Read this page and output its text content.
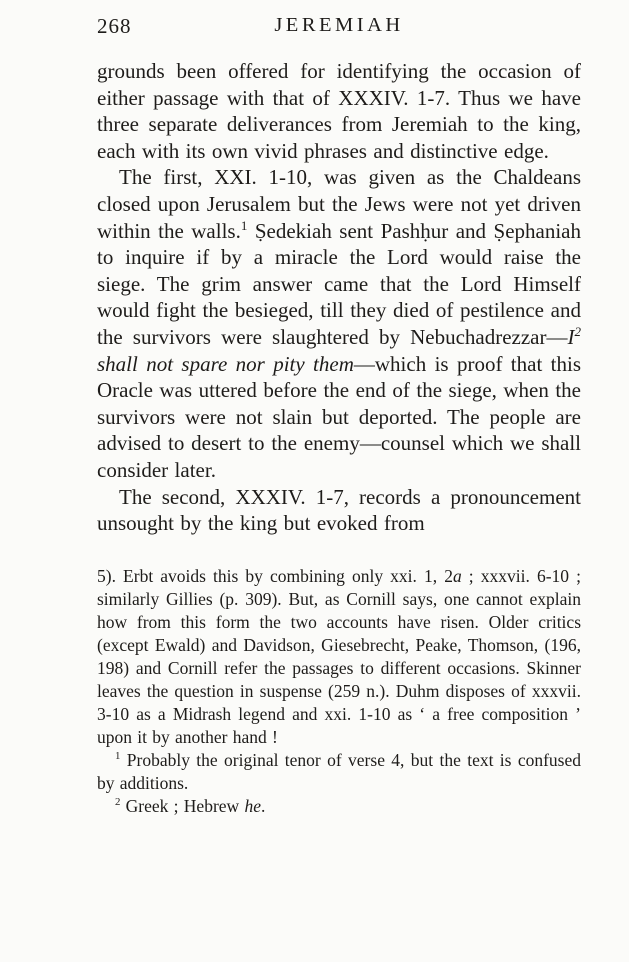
268	JEREMIAH

grounds been offered for identifying the occasion of either passage with that of XXXIV. 1-7. Thus we have three separate deliverances from Jeremiah to the king, each with its own vivid phrases and distinctive edge.

The first, XXI. 1-10, was given as the Chaldeans closed upon Jerusalem but the Jews were not yet driven within the walls.$^1$ Ṣedekiah sent Pashḥur and Ṣephaniah to inquire if by a miracle the Lord would raise the siege. The grim answer came that the Lord Himself would fight the besieged, till they died of pestilence and the survivors were slaughtered by Nebuchadrezzar—I$^2$ shall not spare nor pity them—which is proof that this Oracle was uttered before the end of the siege, when the survivors were not slain but deported. The people are advised to desert to the enemy—counsel which we shall consider later.

The second, XXXIV. 1-7, records a pronouncement unsought by the king but evoked from

5). Erbt avoids this by combining only xxi. 1, 2a ; xxxvii. 6-10 ; similarly Gillies (p. 309). But, as Cornill says, one cannot explain how from this form the two accounts have risen. Older critics (except Ewald) and Davidson, Giesebrecht, Peake, Thomson, (196, 198) and Cornill refer the passages to different occasions. Skinner leaves the question in suspense (259 n.). Duhm disposes of xxxvii. 3-10 as a Midrash legend and xxi. 1-10 as ‘ a free composition ’ upon it by another hand !

$^1$ Probably the original tenor of verse 4, but the text is confused by additions.

$^2$ Greek ; Hebrew he.
